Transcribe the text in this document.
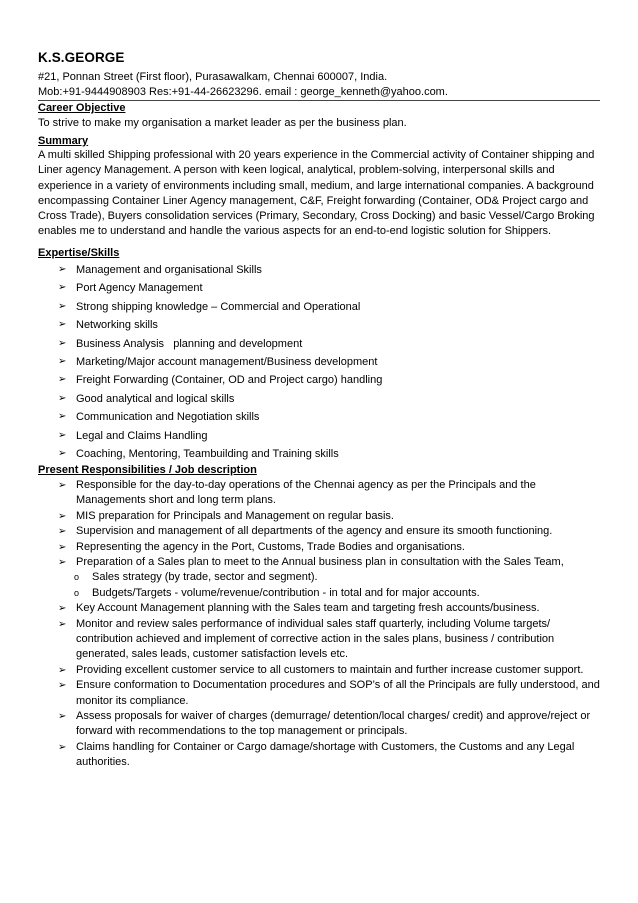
K.S.GEORGE
#21, Ponnan Street (First floor), Purasawalkam, Chennai 600007, India.
Mob:+91-9444908903 Res:+91-44-26623296. email : george_kenneth@yahoo.com.
Career Objective
To strive to make my organisation a market leader as per the business plan.
Summary
A multi skilled Shipping professional with 20 years experience in the Commercial activity of Container shipping and Liner agency Management. A person with keen logical, analytical, problem-solving, interpersonal skills and experience in a variety of environments including small, medium, and large international companies. A background encompassing Container Liner Agency management, C&F, Freight forwarding (Container, OD& Project cargo and Cross Trade), Buyers consolidation services (Primary, Secondary, Cross Docking) and basic Vessel/Cargo Broking enables me to understand and handle the various aspects for an end-to-end logistic solution for Shippers.
Expertise/Skills
➢ Management and organisational Skills
➢ Port Agency Management
➢ Strong shipping knowledge – Commercial and Operational
➢ Networking skills
➢ Business Analysis   planning and development
➢ Marketing/Major account management/Business development
➢ Freight Forwarding (Container, OD and Project cargo) handling
➢ Good analytical and logical skills
➢ Communication and Negotiation skills
➢ Legal and Claims Handling
➢ Coaching, Mentoring, Teambuilding and Training skills
Present Responsibilities / Job description
➢ Responsible for the day-to-day operations of the Chennai agency as per the Principals and the Managements short and long term plans.
➢ MIS preparation for Principals and Management on regular basis.
➢ Supervision and management of all departments of the agency and ensure its smooth functioning.
➢ Representing the agency in the Port, Customs, Trade Bodies and organisations.
➢ Preparation of a Sales plan to meet to the Annual business plan in consultation with the Sales Team,
o	Sales strategy (by trade, sector and segment).
o	Budgets/Targets - volume/revenue/contribution - in total and for major accounts.
➢ Key Account Management planning with the Sales team and targeting fresh accounts/business.
➢ Monitor and review sales performance of individual sales staff quarterly, including Volume targets/ contribution achieved and implement of corrective action in the sales plans, business / contribution generated, sales leads, customer satisfaction levels etc.
➢ Providing excellent customer service to all customers to maintain and further increase customer support.
➢ Ensure conformation to Documentation procedures and SOP’s of all the Principals are fully understood, and monitor its compliance.
➢ Assess proposals for waiver of charges (demurrage/ detention/local charges/ credit) and approve/reject or forward with recommendations to the top management or principals.
➢ Claims handling for Container or Cargo damage/shortage with Customers, the Customs and any Legal authorities.
